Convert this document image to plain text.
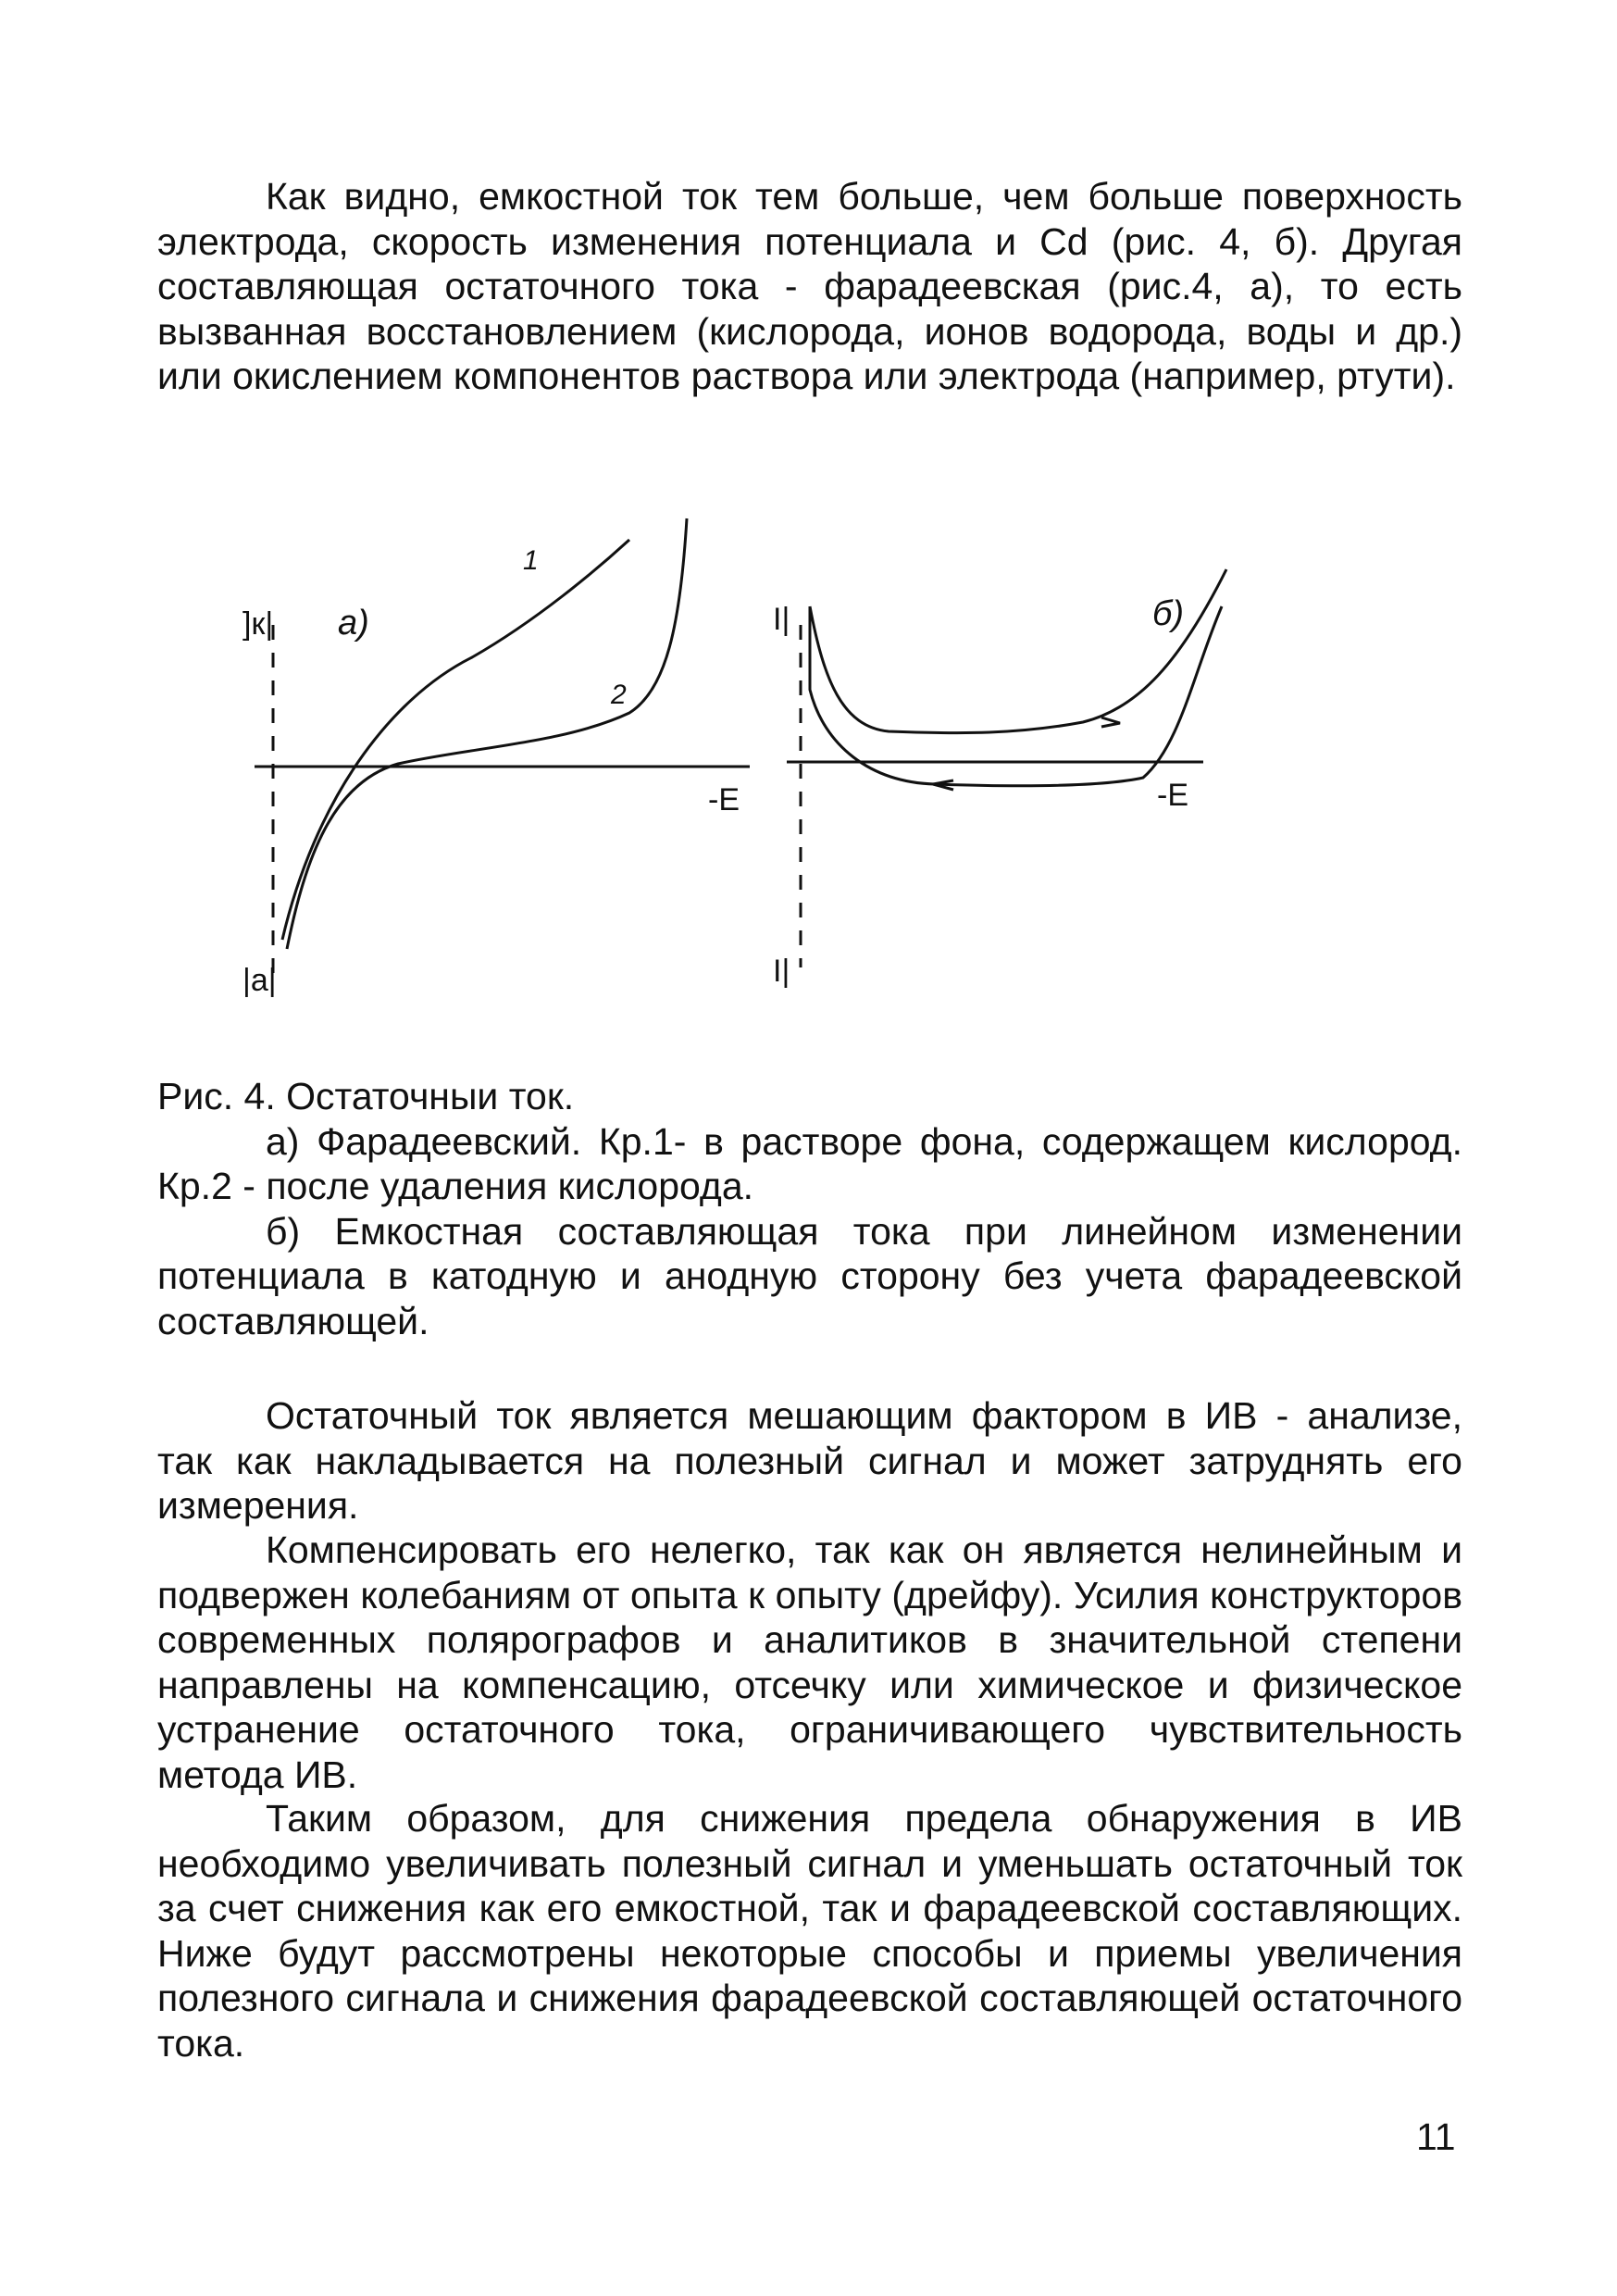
Как видно, емкостной ток тем больше, чем больше поверхность электрода, скорость изменения потенциала и Cd (рис. 4, б). Другая составляющая остаточного тока - фарадеевская (рис.4, а), то есть вызванная восстановлением (кислорода, ионов водорода, воды и др.) или окислением компонентов раствора или электрода (например, ртути).

]к|
|а|
а)
-E
1
2
I|
I|
б)
-E

Рис. 4. Остаточныи ток.

а) Фарадеевский. Кр.1- в растворе фона, содержащем кислород. Кр.2 - после удаления кислорода.

б) Емкостная составляющая тока при линейном изменении потенциала в катодную и анодную сторону без учета фарадеевской составляющей.

Остаточный ток является мешающим фактором в ИВ - анализе, так как накладывается на полезный сигнал и может затруднять его измерения.

Компенсировать его нелегко, так как он является нелинейным и подвержен колебаниям от опыта к опыту (дрейфу). Усилия конструкторов современных полярографов и аналитиков в значительной степени направлены на компенсацию, отсечку или химическое и физическое устранение остаточного тока, ограничивающего чувствительность метода ИВ.

Таким образом, для снижения предела обнаружения в ИВ необходимо увеличивать полезный сигнал и уменьшать остаточный ток за счет снижения как его емкостной, так и фарадеевской составляющих. Ниже будут рассмотрены некоторые способы и приемы увеличения полезного сигнала и снижения фарадеевской составляющей остаточного тока.

11
